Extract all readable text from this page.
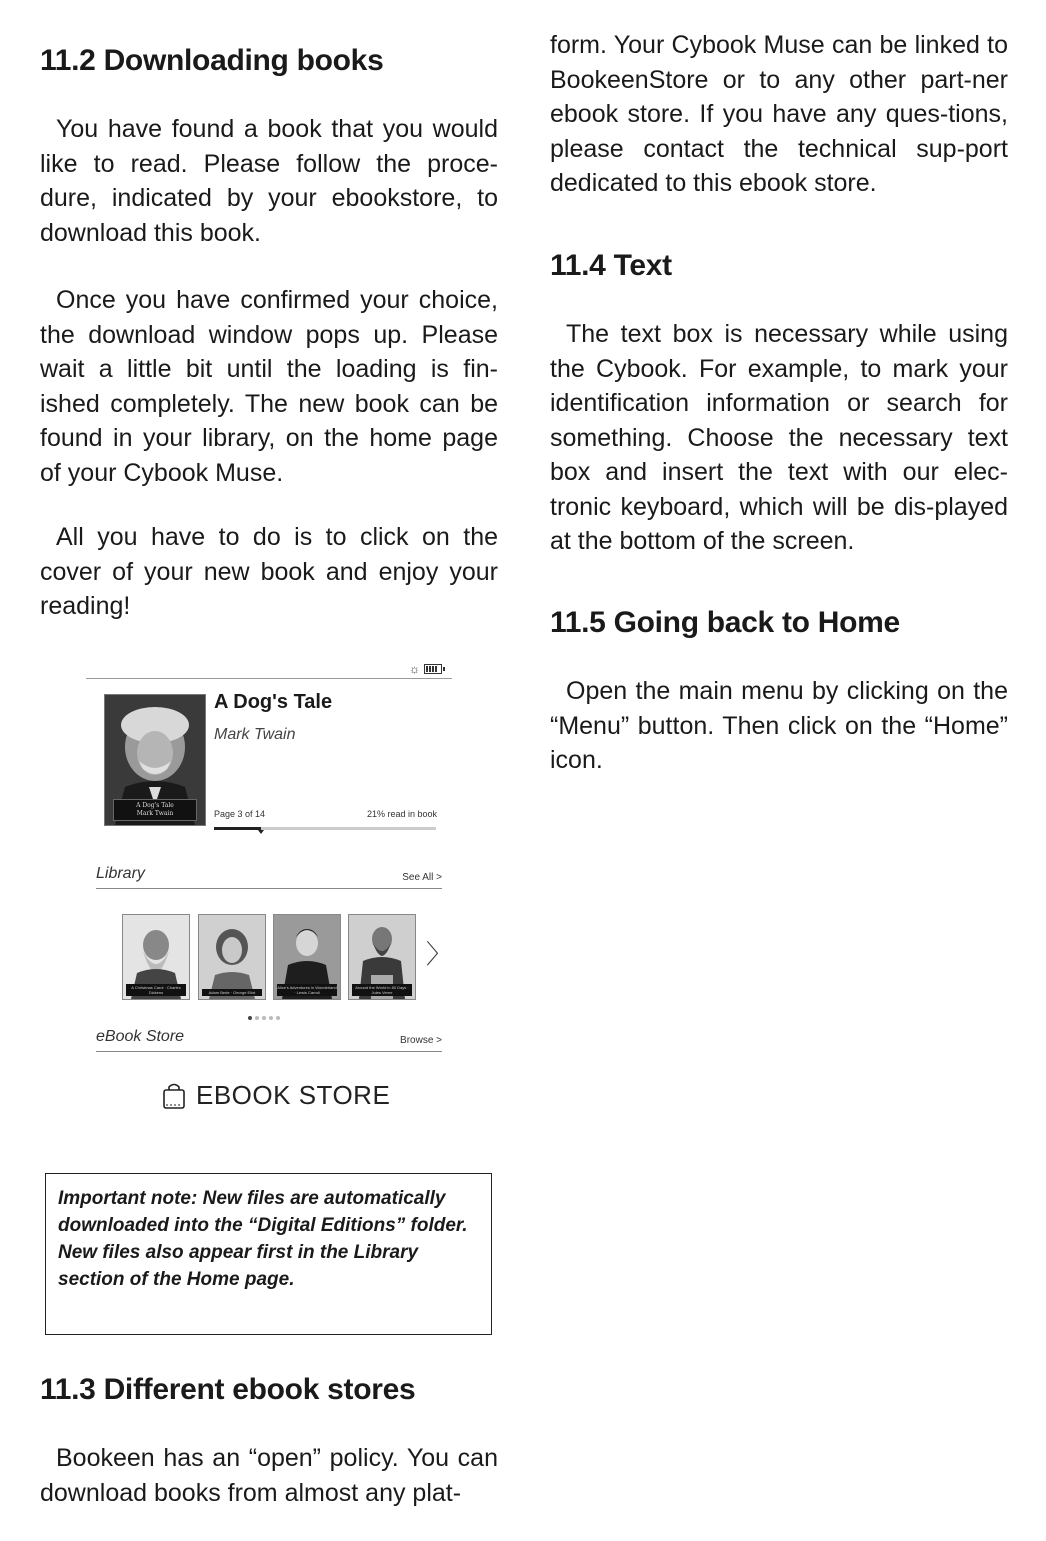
11.2 Downloading books

You have found a book that you would like to read. Please follow the proce-dure, indicated by your ebookstore, to download this book.

Once you have confirmed your choice, the download window pops up. Please wait a little bit until the loading is fin-ished completely. The new book can be found in your library, on the home page of your Cybook Muse.

All you have to do is to click on the cover of your new book and enjoy your reading!

☼
A Dog's Tale
Mark Twain
A Dog's Tale
Mark Twain
Page 3 of 14	21% read in book
Library	See All >
A Christmas Carol · Charles Dickens	Adam Bede · George Eliot
Alice's Adventures in Wonderland · Lewis Carroll
Around the World in 80 Days · Jules Verne
〉
eBook Store	Browse >
EBOOK STORE

Important note: New files are automatically downloaded into the “Digital Editions” folder. New files also appear first in the Library section of the Home page.

11.3 Different ebook stores

Bookeen has an “open” policy. You can download books from almost any plat-

form. Your Cybook Muse can be linked to BookeenStore or to any other part-ner ebook store. If you have any ques-tions, please contact the technical sup-port dedicated to this ebook store.

11.4 Text

The text box is necessary while using the Cybook. For example, to mark your identification information or search for something. Choose the necessary text box and insert the text with our elec-tronic keyboard, which will be dis-played at the bottom of the screen.

11.5 Going back to Home

Open the main menu by clicking on the “Menu” button. Then click on the “Home” icon.
